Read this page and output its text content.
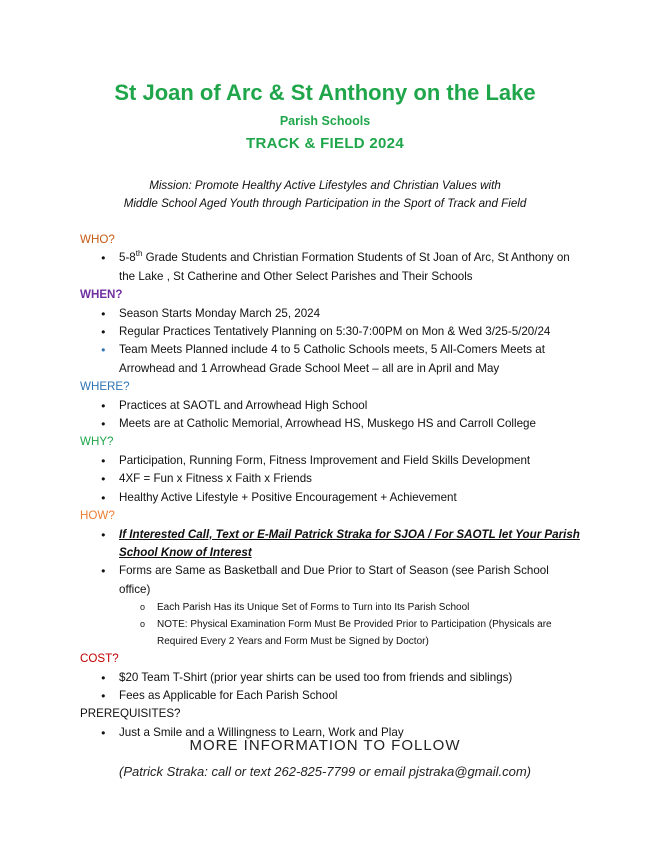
St Joan of Arc & St Anthony on the Lake
Parish Schools
TRACK & FIELD 2024
Mission: Promote Healthy Active Lifestyles and Christian Values with
Middle School Aged Youth through Participation in the Sport of Track and Field
WHO?
● 5-8th Grade Students and Christian Formation Students of St Joan of Arc, St Anthony on the Lake , St Catherine and Other Select Parishes and Their Schools
WHEN?
● Season Starts Monday March 25, 2024
● Regular Practices Tentatively Planning on 5:30-7:00PM on Mon & Wed 3/25-5/20/24
● Team Meets Planned include 4 to 5 Catholic Schools meets, 5 All-Comers Meets at Arrowhead and 1 Arrowhead Grade School Meet – all are in April and May
WHERE?
● Practices at SAOTL and Arrowhead High School
● Meets are at Catholic Memorial, Arrowhead HS, Muskego HS and Carroll College
WHY?
● Participation, Running Form, Fitness Improvement and Field Skills Development
● 4XF = Fun x Fitness x Faith x Friends
● Healthy Active Lifestyle + Positive Encouragement + Achievement
HOW?
● If Interested Call, Text or E-Mail Patrick Straka for SJOA / For SAOTL let Your Parish School Know of Interest
● Forms are Same as Basketball and Due Prior to Start of Season (see Parish School office)
o Each Parish Has its Unique Set of Forms to Turn into Its Parish School
o NOTE: Physical Examination Form Must Be Provided Prior to Participation (Physicals are Required Every 2 Years and Form Must be Signed by Doctor)
COST?
● $20 Team T-Shirt (prior year shirts can be used too from friends and siblings)
● Fees as Applicable for Each Parish School
PREREQUISITES?
● Just a Smile and a Willingness to Learn, Work and Play
MORE INFORMATION TO FOLLOW
(Patrick Straka: call or text 262-825-7799 or email pjstraka@gmail.com)
